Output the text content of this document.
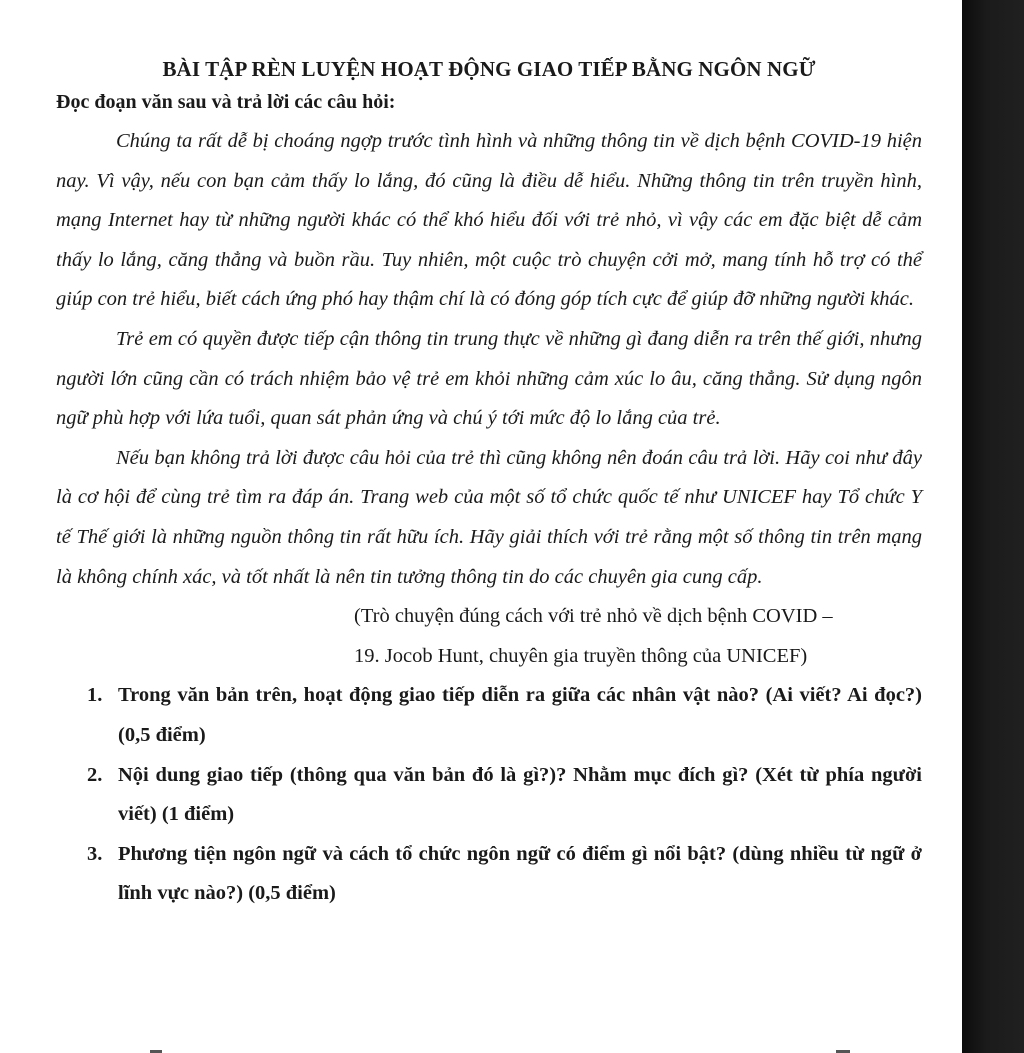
BÀI TẬP RÈN LUYỆN HOẠT ĐỘNG GIAO TIẾP BẰNG NGÔN NGỮ

Đọc đoạn văn sau và trả lời các câu hỏi:

Chúng ta rất dễ bị choáng ngợp trước tình hình và những thông tin về dịch bệnh COVID-19 hiện nay. Vì vậy, nếu con bạn cảm thấy lo lắng, đó cũng là điều dễ hiểu. Những thông tin trên truyền hình, mạng Internet hay từ những người khác có thể khó hiểu đối với trẻ nhỏ, vì vậy các em đặc biệt dễ cảm thấy lo lắng, căng thẳng và buồn rầu. Tuy nhiên, một cuộc trò chuyện cởi mở, mang tính hỗ trợ có thể giúp con trẻ hiểu, biết cách ứng phó hay thậm chí là có đóng góp tích cực để giúp đỡ những người khác.

Trẻ em có quyền được tiếp cận thông tin trung thực về những gì đang diễn ra trên thế giới, nhưng người lớn cũng cần có trách nhiệm bảo vệ trẻ em khỏi những cảm xúc lo âu, căng thẳng. Sử dụng ngôn ngữ phù hợp với lứa tuổi, quan sát phản ứng và chú ý tới mức độ lo lắng của trẻ.

Nếu bạn không trả lời được câu hỏi của trẻ thì cũng không nên đoán câu trả lời. Hãy coi như đây là cơ hội để cùng trẻ tìm ra đáp án. Trang web của một số tổ chức quốc tế như UNICEF hay Tổ chức Y tế Thế giới là những nguồn thông tin rất hữu ích. Hãy giải thích với trẻ rằng một số thông tin trên mạng là không chính xác, và tốt nhất là nên tin tưởng thông tin do các chuyên gia cung cấp.

(Trò chuyện đúng cách với trẻ nhỏ về dịch bệnh COVID –

19. Jocob Hunt, chuyên gia truyền thông của UNICEF)

1. Trong văn bản trên, hoạt động giao tiếp diễn ra giữa các nhân vật nào? (Ai viết? Ai đọc?) (0,5 điểm)
2. Nội dung giao tiếp (thông qua văn bản đó là gì?)? Nhằm mục đích gì? (Xét từ phía người viết) (1 điểm)
3. Phương tiện ngôn ngữ và cách tổ chức ngôn ngữ có điểm gì nổi bật? (dùng nhiều từ ngữ ở lĩnh vực nào?) (0,5 điểm)
